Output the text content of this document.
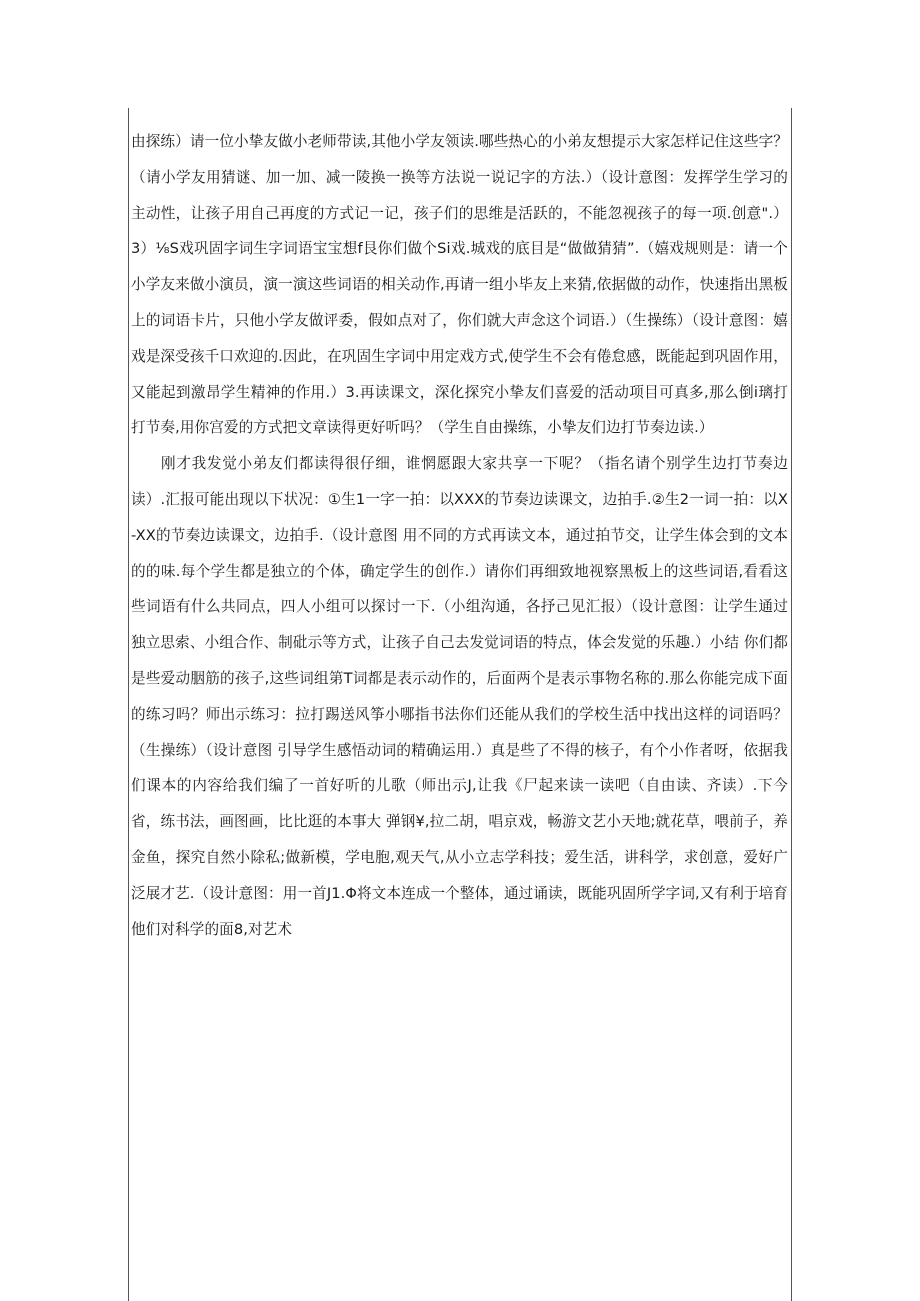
由探练）请一位小挚友做小老师带读,其他小学友领读.哪些热心的小弟友想提示大家怎样记住这些字？（请小学友用猜谜、加一加、减一陵换一换等方法说一说记字的方法.）（设计意图：发挥学生学习的主动性，让孩子用自己再度的方式记一记，孩子们的思维是活跃的，不能忽视孩子的每一项.创意".）3）⅛S戏巩固字词生字词语宝宝想f艮你们做个Si戏.城戏的底目是“做做猜猜”.（嬉戏规则是：请一个小学友来做小演员，演一演这些词语的相关动作,再请一组小毕友上来猜,依据做的动作，快速指出黑板上的词语卡片，只他小学友做评委，假如点对了，你们就大声念这个词语.）（生操练）（设计意图：嬉戏是深受孩千口欢迎的.因此，在巩固生字词中用定戏方式,使学生不会有倦怠感，既能起到巩固作用，又能起到激昂学生精神的作用.）3.再读课文，深化探究小挚友们喜爱的活动项目可真多,那么倒i璃打打节奏,用你宫爱的方式把文章读得更好听吗？（学生自由操练，小挚友们边打节奏边读.）

刚才我发觉小弟友们都读得很仔细，谁惘愿跟大家共享一下呢？（指名请个别学生边打节奏边读）.汇报可能出现以下状况：①生1一字一拍：以XXX的节奏边读课文，边拍手.②生2一词一拍：以X-XX的节奏边读课文，边拍手.（设计意图 用不同的方式再读文本，通过拍节交，让学生体会到的文本的的味.每个学生都是独立的个体，确定学生的创作.）请你们再细致地视察黑板上的这些词语,看看这些词语有什么共同点，四人小组可以探讨一下.（小组沟通，各抒己见汇报）（设计意图：让学生通过独立思索、小组合作、制砒示等方式，让孩子自己去发觉词语的特点，体会发觉的乐趣.）小结 你们都是些爱动胭筋的孩子,这些词组第T词都是表示动作的，后面两个是表示事物名称的.那么你能完成下面的练习吗？师出示练习：拉打踢送风筝小哪指书法你们还能从我们的学校生活中找出这样的词语吗？（生操练）（设计意图 引导学生感悟动词的精确运用.）真是些了不得的核子，有个小作者呀，依据我们课本的内容给我们编了一首好听的儿歌（师出示J,让我《尸起来读一读吧（自由读、齐读）.下今省，练书法，画图画，比比逛的本事大 弹钢¥,拉二胡，唱京戏，畅游文艺小天地;就花草，喂前子，养金鱼，探究自然小除私;做新模，学电胞,观天气,从小立志学科技；爱生活，讲科学，求创意，爱好广泛展才艺.（设计意图：用一首J1.Φ将文本连成一个整体，通过诵读，既能巩固所学字词,又有利于培育他们对科学的面8,对艺术
